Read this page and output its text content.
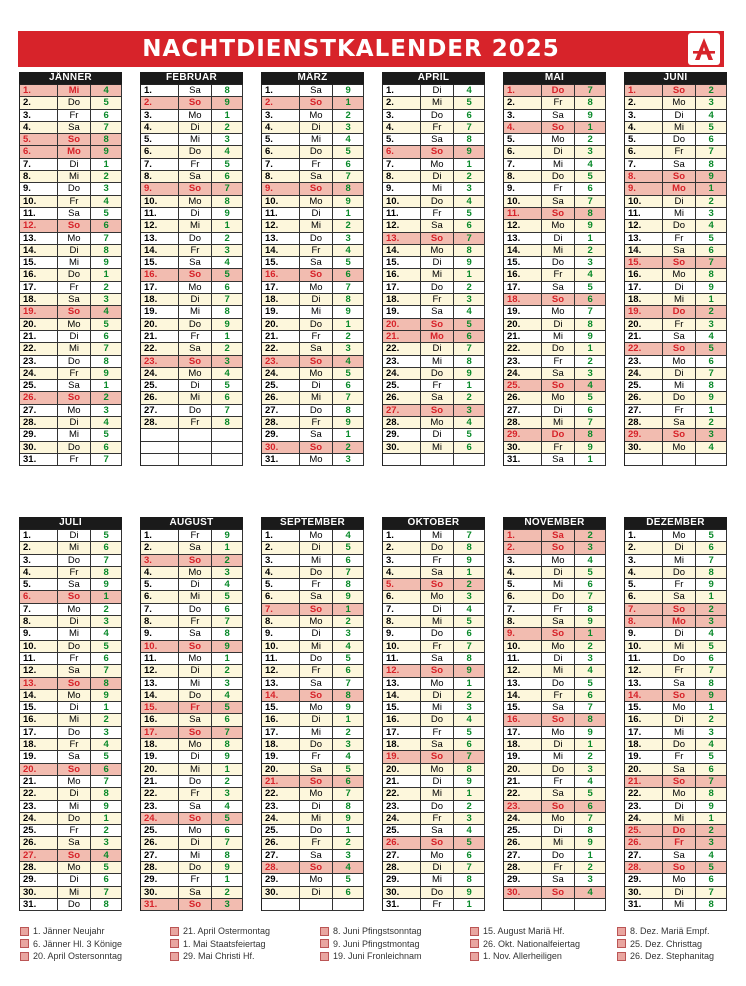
NACHTDIENSTKALENDER 2025
JÄNNER
1.	Mi	4
2.	Do	5
3.	Fr	6
4.	Sa	7
5.	So	8
6.	Mo	9
7.	Di	1
8.	Mi	2
9.	Do	3
10.	Fr	4
11.	Sa	5
12.	So	6
13.	Mo	7
14.	Di	8
15.	Mi	9
16.	Do	1
17.	Fr	2
18.	Sa	3
19.	So	4
20.	Mo	5
21.	Di	6
22.	Mi	7
23.	Do	8
24.	Fr	9
25.	Sa	1
26.	So	2
27.	Mo	3
28.	Di	4
29.	Mi	5
30.	Do	6
31.	Fr	7
FEBRUAR
1.	Sa	8
2.	So	9
3.	Mo	1
4.	Di	2
5.	Mi	3
6.	Do	4
7.	Fr	5
8.	Sa	6
9.	So	7
10.	Mo	8
11.	Di	9
12.	Mi	1
13.	Do	2
14.	Fr	3
15.	Sa	4
16.	So	5
17.	Mo	6
18.	Di	7
19.	Mi	8
20.	Do	9
21.	Fr	1
22.	Sa	2
23.	So	3
24.	Mo	4
25.	Di	5
26.	Mi	6
27.	Do	7
28.	Fr	8
MÄRZ
1.	Sa	9
2.	So	1
3.	Mo	2
4.	Di	3
5.	Mi	4
6.	Do	5
7.	Fr	6
8.	Sa	7
9.	So	8
10.	Mo	9
11.	Di	1
12.	Mi	2
13.	Do	3
14.	Fr	4
15.	Sa	5
16.	So	6
17.	Mo	7
18.	Di	8
19.	Mi	9
20.	Do	1
21.	Fr	2
22.	Sa	3
23.	So	4
24.	Mo	5
25.	Di	6
26.	Mi	7
27.	Do	8
28.	Fr	9
29.	Sa	1
30.	So	2
31.	Mo	3
APRIL
1.	Di	4
2.	Mi	5
3.	Do	6
4.	Fr	7
5.	Sa	8
6.	So	9
7.	Mo	1
8.	Di	2
9.	Mi	3
10.	Do	4
11.	Fr	5
12.	Sa	6
13.	So	7
14.	Mo	8
15.	Di	9
16.	Mi	1
17.	Do	2
18.	Fr	3
19.	Sa	4
20.	So	5
21.	Mo	6
22.	Di	7
23.	Mi	8
24.	Do	9
25.	Fr	1
26.	Sa	2
27.	So	3
28.	Mo	4
29.	Di	5
30.	Mi	6
MAI
1.	Do	7
2.	Fr	8
3.	Sa	9
4.	So	1
5.	Mo	2
6.	Di	3
7.	Mi	4
8.	Do	5
9.	Fr	6
10.	Sa	7
11.	So	8
12.	Mo	9
13.	Di	1
14.	Mi	2
15.	Do	3
16.	Fr	4
17.	Sa	5
18.	So	6
19.	Mo	7
20.	Di	8
21.	Mi	9
22.	Do	1
23.	Fr	2
24.	Sa	3
25.	So	4
26.	Mo	5
27.	Di	6
28.	Mi	7
29.	Do	8
30.	Fr	9
31.	Sa	1
JUNI
1.	So	2
2.	Mo	3
3.	Di	4
4.	Mi	5
5.	Do	6
6.	Fr	7
7.	Sa	8
8.	So	9
9.	Mo	1
10.	Di	2
11.	Mi	3
12.	Do	4
13.	Fr	5
14.	Sa	6
15.	So	7
16.	Mo	8
17.	Di	9
18.	Mi	1
19.	Do	2
20.	Fr	3
21.	Sa	4
22.	So	5
23.	Mo	6
24.	Di	7
25.	Mi	8
26.	Do	9
27.	Fr	1
28.	Sa	2
29.	So	3
30.	Mo	4
JULI
1.	Di	5
2.	Mi	6
3.	Do	7
4.	Fr	8
5.	Sa	9
6.	So	1
7.	Mo	2
8.	Di	3
9.	Mi	4
10.	Do	5
11.	Fr	6
12.	Sa	7
13.	So	8
14.	Mo	9
15.	Di	1
16.	Mi	2
17.	Do	3
18.	Fr	4
19.	Sa	5
20.	So	6
21.	Mo	7
22.	Di	8
23.	Mi	9
24.	Do	1
25.	Fr	2
26.	Sa	3
27.	So	4
28.	Mo	5
29.	Di	6
30.	Mi	7
31.	Do	8
AUGUST
1.	Fr	9
2.	Sa	1
3.	So	2
4.	Mo	3
5.	Di	4
6.	Mi	5
7.	Do	6
8.	Fr	7
9.	Sa	8
10.	So	9
11.	Mo	1
12.	Di	2
13.	Mi	3
14.	Do	4
15.	Fr	5
16.	Sa	6
17.	So	7
18.	Mo	8
19.	Di	9
20.	Mi	1
21.	Do	2
22.	Fr	3
23.	Sa	4
24.	So	5
25.	Mo	6
26.	Di	7
27.	Mi	8
28.	Do	9
29.	Fr	1
30.	Sa	2
31.	So	3
SEPTEMBER
1.	Mo	4
2.	Di	5
3.	Mi	6
4.	Do	7
5.	Fr	8
6.	Sa	9
7.	So	1
8.	Mo	2
9.	Di	3
10.	Mi	4
11.	Do	5
12.	Fr	6
13.	Sa	7
14.	So	8
15.	Mo	9
16.	Di	1
17.	Mi	2
18.	Do	3
19.	Fr	4
20.	Sa	5
21.	So	6
22.	Mo	7
23.	Di	8
24.	Mi	9
25.	Do	1
26.	Fr	2
27.	Sa	3
28.	So	4
29.	Mo	5
30.	Di	6
OKTOBER
1.	Mi	7
2.	Do	8
3.	Fr	9
4.	Sa	1
5.	So	2
6.	Mo	3
7.	Di	4
8.	Mi	5
9.	Do	6
10.	Fr	7
11.	Sa	8
12.	So	9
13.	Mo	1
14.	Di	2
15.	Mi	3
16.	Do	4
17.	Fr	5
18.	Sa	6
19.	So	7
20.	Mo	8
21.	Di	9
22.	Mi	1
23.	Do	2
24.	Fr	3
25.	Sa	4
26.	So	5
27.	Mo	6
28.	Di	7
29.	Mi	8
30.	Do	9
31.	Fr	1
NOVEMBER
1.	Sa	2
2.	So	3
3.	Mo	4
4.	Di	5
5.	Mi	6
6.	Do	7
7.	Fr	8
8.	Sa	9
9.	So	1
10.	Mo	2
11.	Di	3
12.	Mi	4
13.	Do	5
14.	Fr	6
15.	Sa	7
16.	So	8
17.	Mo	9
18.	Di	1
19.	Mi	2
20.	Do	3
21.	Fr	4
22.	Sa	5
23.	So	6
24.	Mo	7
25.	Di	8
26.	Mi	9
27.	Do	1
28.	Fr	2
29.	Sa	3
30.	So	4
DEZEMBER
1.	Mo	5
2.	Di	6
3.	Mi	7
4.	Do	8
5.	Fr	9
6.	Sa	1
7.	So	2
8.	Mo	3
9.	Di	4
10.	Mi	5
11.	Do	6
12.	Fr	7
13.	Sa	8
14.	So	9
15.	Mo	1
16.	Di	2
17.	Mi	3
18.	Do	4
19.	Fr	5
20.	Sa	6
21.	So	7
22.	Mo	8
23.	Di	9
24.	Mi	1
25.	Do	2
26.	Fr	3
27.	Sa	4
28.	So	5
29.	Mo	6
30.	Di	7
31.	Mi	8
1. Jänner Neujahr
6. Jänner Hl. 3 Könige
20. April Ostersonntag
21. April Ostermontag
1. Mai Staatsfeiertag
29. Mai Christi Hf.
8. Juni Pfingstsonntag
9. Juni Pfingstmontag
19. Juni Fronleichnam
15. August Mariä Hf.
26. Okt. Nationalfeiertag
1. Nov. Allerheiligen
8. Dez. Mariä Empf.
25. Dez. Christtag
26. Dez. Stephanitag
